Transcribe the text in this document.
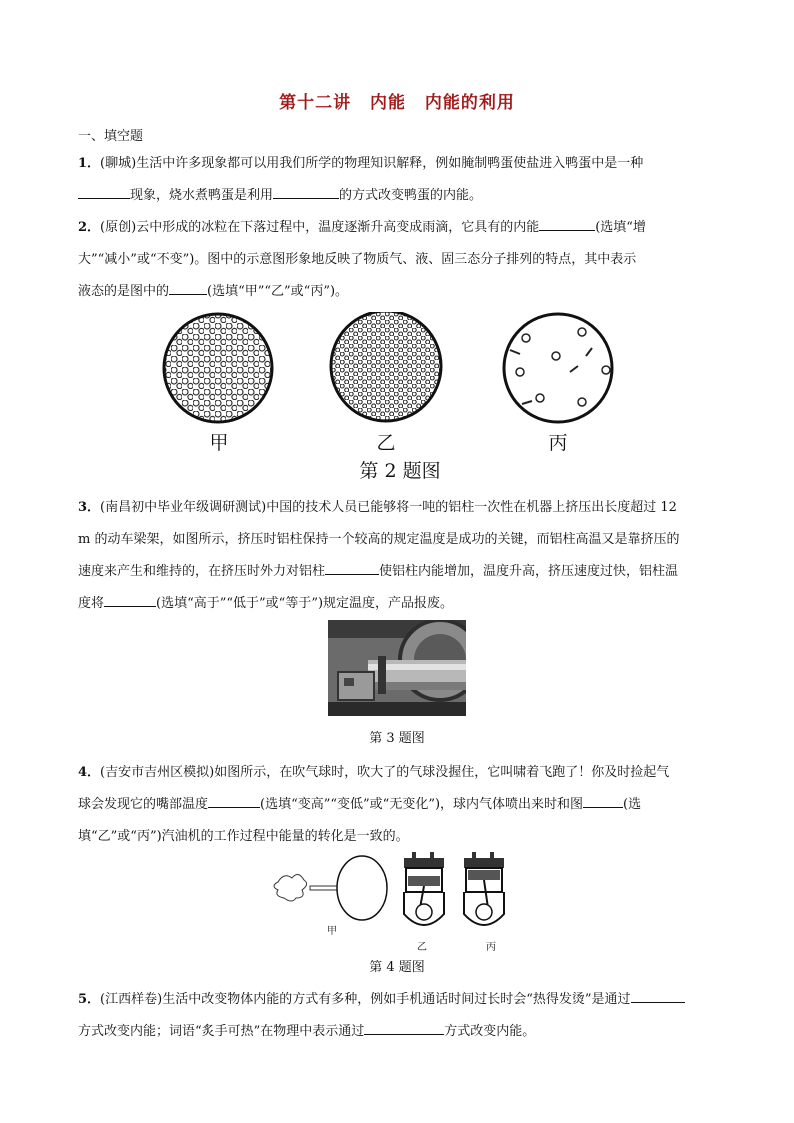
第十二讲 内能 内能的利用
一、填空题
1．(聊城)生活中许多现象都可以用我们所学的物理知识解释，例如腌制鸭蛋使盐进入鸭蛋中是一种
现象，烧水煮鸭蛋是利用	的方式改变鸭蛋的内能。
2．(原创)云中形成的冰粒在下落过程中，温度逐渐升高变成雨滴，它具有的内能	(选填“增
大”“减小”或“不变”)。图中的示意图形象地反映了物质气、液、固三态分子排列的特点，其中表示
液态的是图中的	(选填“甲”“乙”或“丙”)。
甲	乙	丙
第 2 题图
3．(南昌初中毕业年级调研测试)中国的技术人员已能够将一吨的铝柱一次性在机器上挤压出长度超过 12
m 的动车梁架，如图所示，挤压时铝柱保持一个较高的规定温度是成功的关键，而铝柱高温又是靠挤压的
速度来产生和维持的，在挤压时外力对铝柱	使铝柱内能增加，温度升高，挤压速度过快，铝柱温
度将	(选填“高于”“低于”或“等于”)规定温度，产品报废。
第 3 题图
4．(吉安市吉州区模拟)如图所示，在吹气球时，吹大了的气球没握住，它叫啸着飞跑了！你及时捡起气
球会发现它的嘴部温度	(选填“变高”“变低”或“无变化”)，球内气体喷出来时和图	(选
填“乙”或“丙”)汽油机的工作过程中能量的转化是一致的。
甲
乙	丙
第 4 题图
5．(江西样卷)生活中改变物体内能的方式有多种，例如手机通话时间过长时会“热得发烫”是通过
方式改变内能；词语“炙手可热”在物理中表示通过	方式改变内能。
